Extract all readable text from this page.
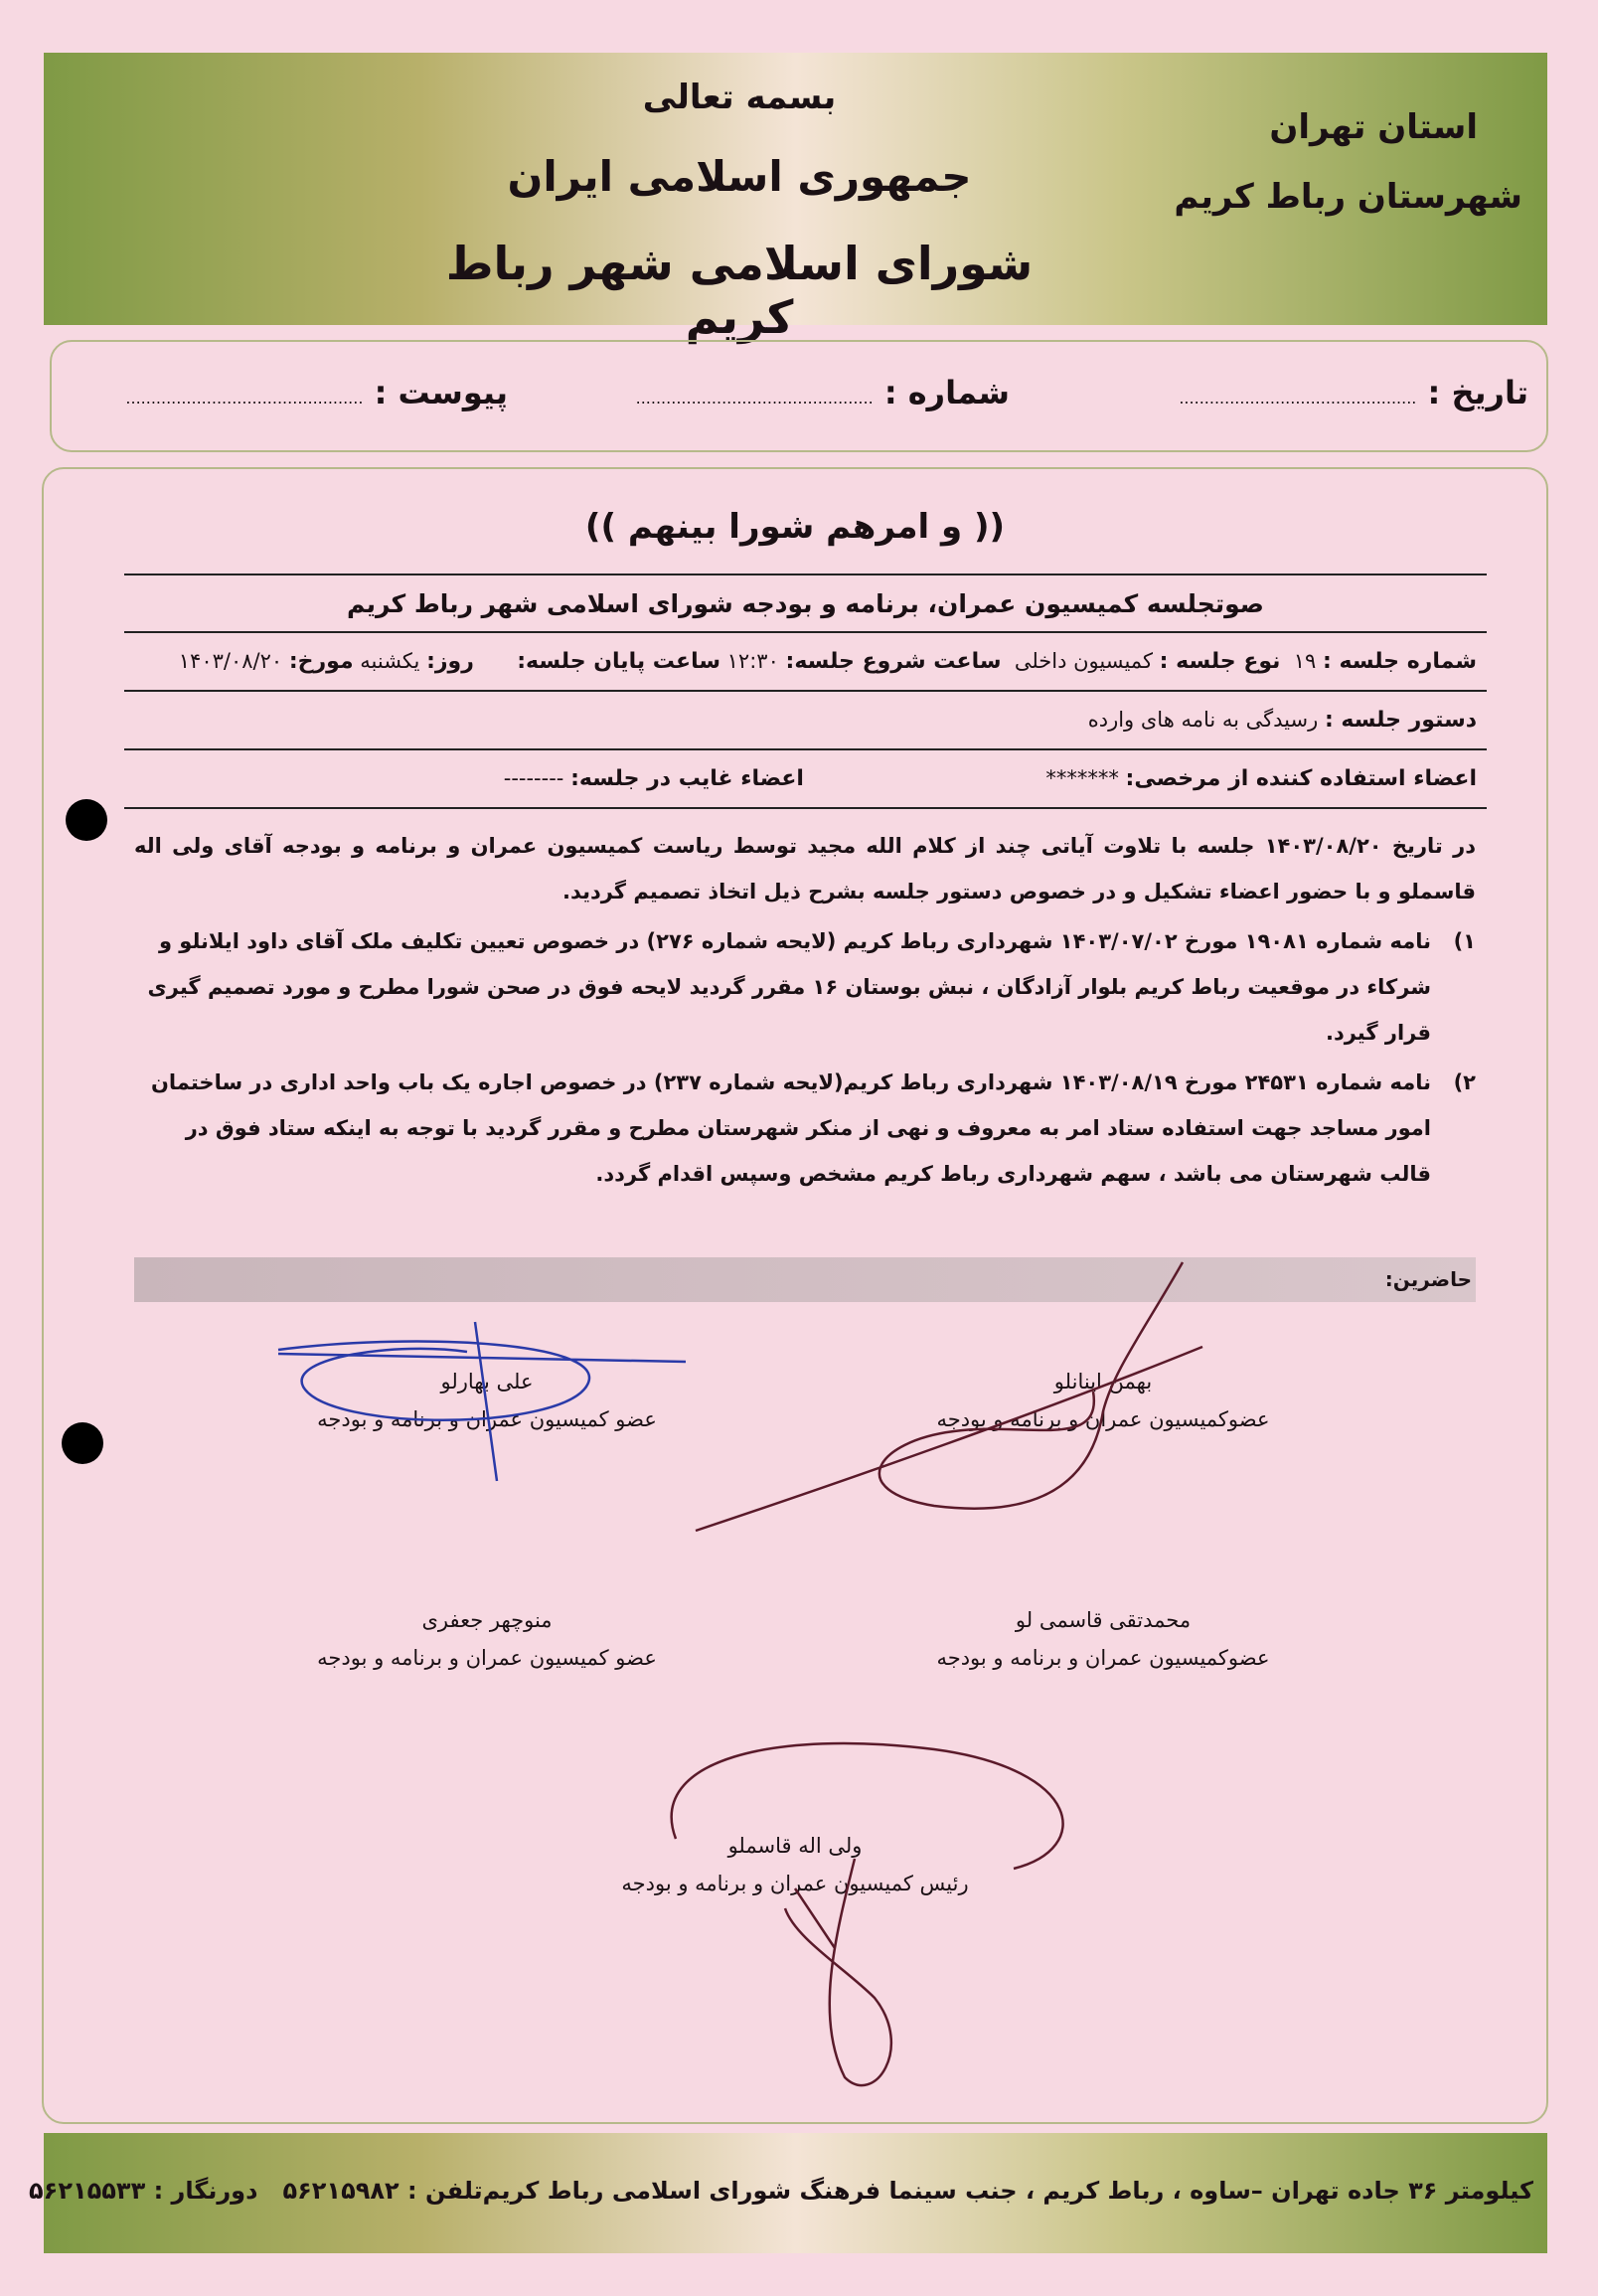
بسمه تعالی
جمهوری اسلامی ایران
شورای اسلامی شهر رباط کریم
استان تهران
شهرستان رباط کریم
تاریخ : ...............................................
شماره : ...............................................
پیوست : ...............................................
(( و امرهم شورا بینهم ))
صوتجلسه کمیسیون عمران، برنامه و بودجه شورای اسلامی شهر رباط کریم
شماره جلسه : ۱۹  نوع جلسه : کمیسیون داخلی  ساعت شروع جلسه: ۱۲:۳۰ ساعت پایان جلسه:  روز: یکشنبه مورخ: ۱۴۰۳/۰۸/۲۰
دستور جلسه : رسیدگی به نامه های وارده
اعضاء استفاده کننده از مرخصی: *******  اعضاء غایب در جلسه: --------
در تاریخ ۱۴۰۳/۰۸/۲۰ جلسه با تلاوت آیاتی چند از کلام الله مجید توسط ریاست کمیسیون عمران و برنامه و بودجه آقای ولی اله قاسملو و با حضور اعضاء تشکیل و در خصوص دستور جلسه بشرح ذیل اتخاذ تصمیم گردید.
۱)
نامه شماره ۱۹۰۸۱ مورخ ۱۴۰۳/۰۷/۰۲ شهرداری رباط کریم (لایحه شماره ۲۷۶) در خصوص تعیین تکلیف ملک آقای داود ایلانلو و شرکاء در موقعیت رباط کریم بلوار آزادگان ، نبش بوستان ۱۶ مقرر گردید لایحه فوق در صحن شورا مطرح و مورد تصمیم گیری قرار گیرد.
۲)
نامه شماره ۲۴۵۳۱ مورخ ۱۴۰۳/۰۸/۱۹ شهرداری رباط کریم(لایحه شماره ۲۳۷) در خصوص اجاره یک باب واحد اداری در ساختمان امور مساجد جهت استفاده ستاد امر به معروف و نهی از منکر شهرستان مطرح و مقرر گردید با توجه به اینکه ستاد فوق در قالب شهرستان می باشد ، سهم شهرداری رباط کریم مشخص وسپس اقدام گردد.
حاضرین:
بهمن اینانلو
عضوکمیسیون عمران و برنامه و بودجه
علی بهارلو
عضو کمیسیون عمران و برنامه و بودجه
محمدتقی قاسمی لو
عضوکمیسیون عمران و برنامه و بودجه
منوچهر جعفری
عضو کمیسیون عمران و برنامه و بودجه
ولی اله قاسملو
رئیس کمیسیون عمران و برنامه و بودجه
کیلومتر ۳۶ جاده تهران –ساوه ، رباط کریم ، جنب سینما فرهنگ شورای اسلامی رباط کریم
تلفن : ۵۶۲۱۵۹۸۲   دورنگار : ۵۶۲۱۵۵۳۳
